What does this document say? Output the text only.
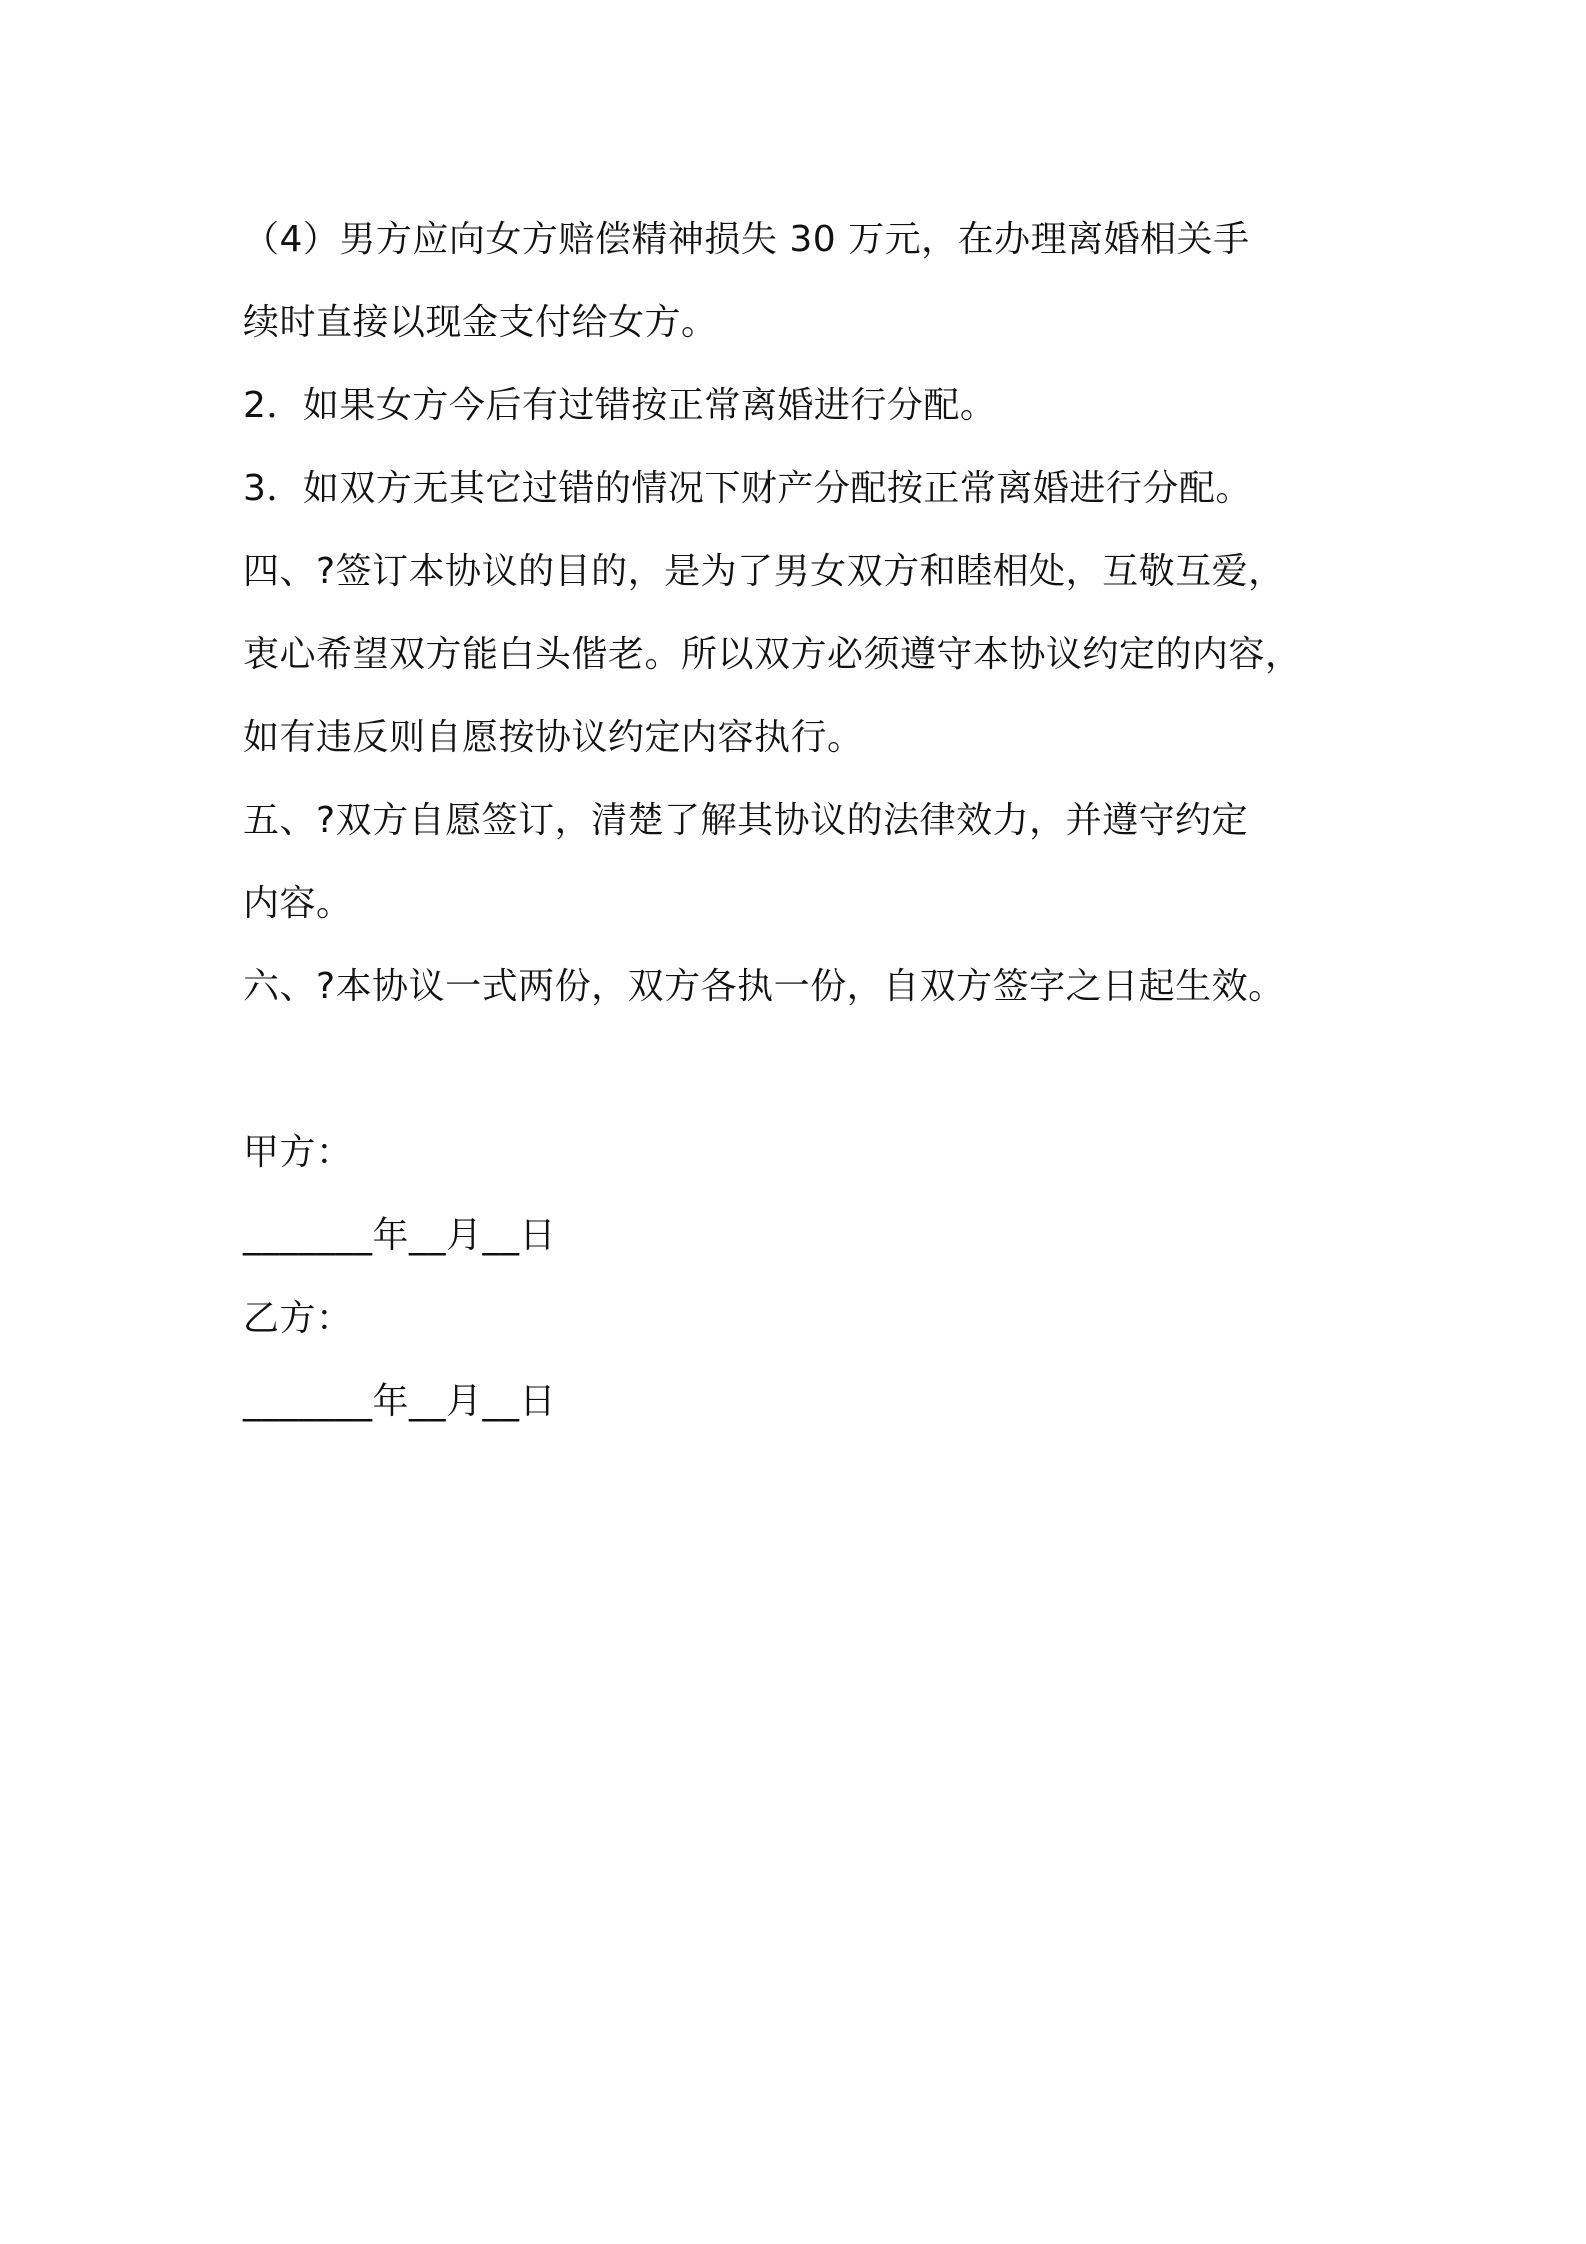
（4）男方应向女方赔偿精神损失 30 万元，在办理离婚相关手
续时直接以现金支付给女方。
2．如果女方今后有过错按正常离婚进行分配。
3．如双方无其它过错的情况下财产分配按正常离婚进行分配。
四、?签订本协议的目的，是为了男女双方和睦相处，互敬互爱，
衷心希望双方能白头偕老。所以双方必须遵守本协议约定的内容，
如有违反则自愿按协议约定内容执行。
五、?双方自愿签订，清楚了解其协议的法律效力，并遵守约定
内容。
六、?本协议一式两份，双方各执一份，自双方签字之日起生效。
甲方：
_______年__月__日
乙方：
_______年__月__日
